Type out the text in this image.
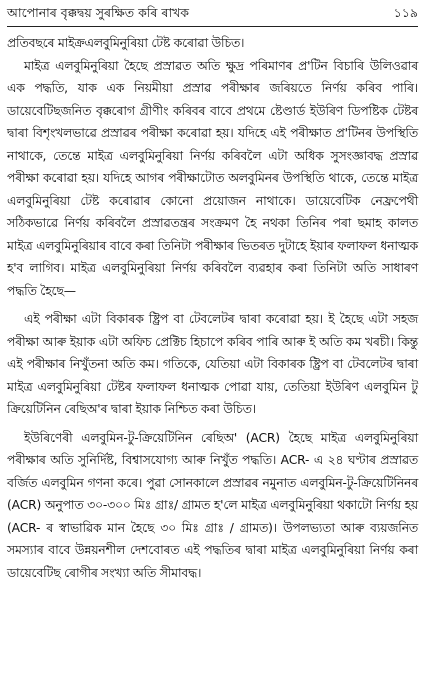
আপোনাৰ বৃক্কদ্বয় সুৰক্ষিত কৰি ৰাখক	১১৯

প্ৰতিবছৰে মাইক্ৰএলবুমিনুৰিয়া টেষ্ট কৰোৱা উচিত।

মাইত্ৰ এলবুমিনুৰিয়া হৈছে প্ৰস্ৰাৱত অতি ক্ষুদ্ৰ পৰিমাণৰ প্ৰ'টিন বিচাৰি উলিওৱাৰ এক পদ্ধতি, যাক এক নিয়মীয়া প্ৰস্ৰাৱ পৰীক্ষাৰ জৰিয়তে নিৰ্ণয় কৰিব পাৰি। ডায়েবেটিছজনিত বৃক্কৰোগ গ্ৰীণীং কৰিবৰ বাবে প্ৰথমে ষ্টেণ্ডাৰ্ড ইউৰিণ ডিপষ্টিক টেষ্টৰ দ্বাৰা বিশৃংখলভাৱে প্ৰস্ৰাৱৰ পৰীক্ষা কৰোৱা হয়। যদিহে এই পৰীক্ষাত প্ৰ'টিনৰ উপস্থিতি নাথাকে, তেন্তে মাইত্ৰ এলবুমিনুৰিয়া নিৰ্ণয় কৰিবলৈ এটা অধিক সুসংজ্ঞাবদ্ধ প্ৰস্ৰাৱ পৰীক্ষা কৰোৱা হয়। যদিহে আগৰ পৰীক্ষাটোত অলবুমিনৰ উপস্থিতি থাকে, তেন্তে মাইত্ৰ এলবুমিনুৰিয়া টেষ্ট কৰোৱাৰ কোনো প্ৰয়োজন নাথাকে। ডায়েবেটিক নেফ্ৰপেথী সঠিকভাৱে নিৰ্ণয় কৰিবলৈ প্ৰস্ৰাৱতন্ত্ৰৰ সংক্ৰমণ হৈ নথকা তিনিৰ পৰা ছমাহ কালত মাইত্ৰ এলবুমিনুৰিয়াৰ বাবে কৰা তিনিটা পৰীক্ষাৰ ভিতৰত দুটাহে ইয়াৰ ফলাফল ধনাত্মক হ'ব লাগিব। মাইত্ৰ এলবুমিনুৰিয়া নিৰ্ণয় কৰিবলৈ ব্যৱহাৰ কৰা তিনিটা অতি সাধাৰণ পদ্ধতি হৈছে—

এই পৰীক্ষা এটা বিকাৰক ষ্ট্ৰিপ বা টেবলেটৰ দ্বাৰা কৰোৱা হয়। ই হৈছে এটা সহজ পৰীক্ষা আৰু ইয়াক এটা অফিচ প্ৰেক্টিচ হিচাপে কৰিব পাৰি আৰু ই অতি কম খৰচী। কিন্তু এই পৰীক্ষাৰ নিখুঁতনা অতি কম। গতিকে, যেতিয়া এটা বিকাৰক ষ্ট্ৰিপ বা টেবলেটৰ দ্বাৰা মাইত্ৰ এলবুমিনুৰিয়া টেষ্টৰ ফলাফল ধনাত্মক পোৱা যায়, তেতিয়া ইউৰিণ এলবুমিন টু ক্ৰিয়েটিনিন ৰেছিঅ'ৰ দ্বাৰা ইয়াক নিশ্চিত কৰা উচিত।

ইউৰিণেৰী এলবুমিন-টু-ক্ৰিয়েটিনিন ৰেছিঅ' (ACR) হৈছে মাইত্ৰ এলবুমিনুৰিয়া পৰীক্ষাৰ অতি সুনিৰ্দিষ্ট, বিশ্বাসযোগ্য আৰু নিখুঁত পদ্ধতি। ACR- এ ২৪ ঘণ্টাৰ প্ৰস্ৰাৱত বৰ্জিত এলবুমিন গণনা কৰে। পুৱা সোনকালে প্ৰস্ৰাৱৰ নমুনাত এলবুমিন-টু-ক্ৰিয়েটিনিনৰ (ACR) অনুপাত ৩০-৩০০ মিঃ গ্ৰাঃ/ গ্ৰামত হ'লে মাইত্ৰ এলবুমিনুৰিয়া থকাটো নিৰ্ণয় হয় (ACR- ৰ স্বাভাৱিক মান হৈছে ৩০ মিঃ গ্ৰাঃ / গ্ৰামত)। উপলভ্যতা আৰু ব্যয়জনিত সমস্যাৰ বাবে উন্নয়নশীল দেশবোৰত এই পদ্ধতিৰ দ্বাৰা মাইত্ৰ এলবুমিনুৰিয়া নিৰ্ণয় কৰা ডায়েবেটিছ ৰোগীৰ সংখ্যা অতি সীমাবদ্ধ।
